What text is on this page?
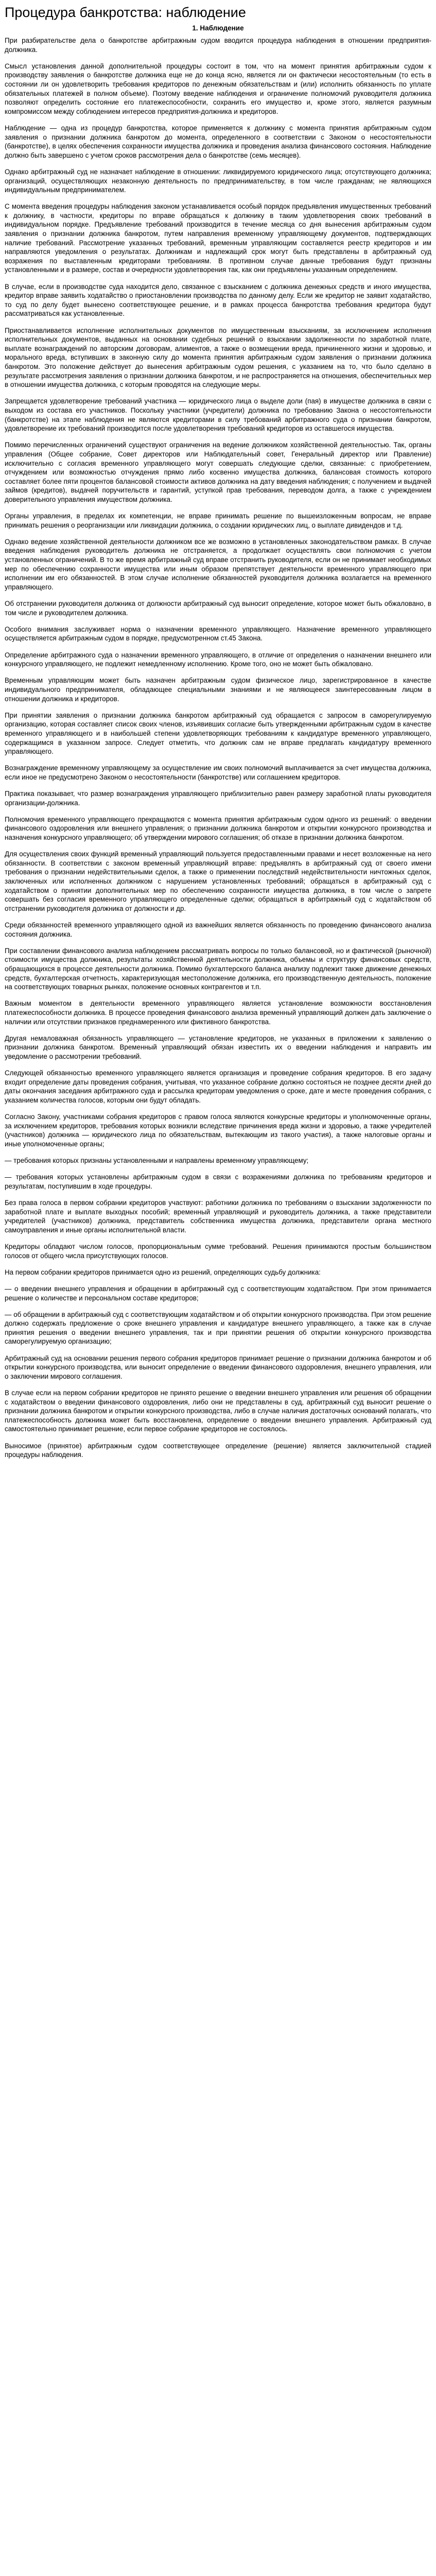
Процедура банкротства: наблюдение
1. Наблюдение

При разбирательстве дела о банкротстве арбитражным судом вводится процедура наблюдения в отношении предприятия-должника.

Смысл установления данной дополнительной процедуры состоит в том, что на момент принятия арбитражным судом к производству заявления о банкротстве должника еще не до конца ясно, является ли он фактически несостоятельным (то есть в состоянии ли он удовлетворить требования кредиторов по денежным обязательствам и (или) исполнить обязанность по уплате обязательных платежей в полном объеме). Поэтому введение наблюдения и ограничение полномочий руководителя должника позволяют определить состояние его платежеспособности, сохранить его имущество и, кроме этого, является разумным компромиссом между соблюдением интересов предприятия-должника и кредиторов.

Наблюдение — одна из процедур банкротства, которое применяется к должнику с момента принятия арбитражным судом заявления о признании должника банкротом до момента, определенного в соответствии с Законом о несостоятельности (банкротстве), в целях обеспечения сохранности имущества должника и проведения анализа финансового состояния. Наблюдение должно быть завершено с учетом сроков рассмотрения дела о банкротстве (семь месяцев).

Однако арбитражный суд не назначает наблюдение в отношении: ликвидируемого юридического лица; отсутствующего должника; организаций, осуществляющих незаконную деятельность по предпринимательству, в том числе гражданам; не являющихся индивидуальным предпринимателем.

С момента введения процедуры наблюдения законом устанавливается особый порядок предъявления имущественных требований к должнику, в частности, кредиторы по вправе обращаться к должнику в таким удовлетворения своих требований в индивидуальном порядке. Предъявление требований производится в течение месяца со дня вынесения арбитражным судом заявления о признании должника банкротом, путем направления временному управляющему документов, подтверждающих наличие требований. Рассмотрение указанных требований, временным управляющим составляется реестр кредиторов и им направляются уведомления о результатах. Должникам и надлежащий срок могут быть представлены в арбитражный суд возражения по выставленным кредиторами требованиям. В противном случае данные требования будут признаны установленными и в размере, состав и очередности удовлетворения так, как они предъявлены указанным определением.

В случае, если в производстве суда находится дело, связанное с взысканием с должника денежных средств и иного имущества, кредитор вправе заявить ходатайство о приостановлении производства по данному делу. Если же кредитор не заявит ходатайство, то суд по делу будет вынесено соответствующее решение, и в рамках процесса банкротства требования кредитора будут рассматриваться как установленные.

Приостанавливается исполнение исполнительных документов по имущественным взысканиям, за исключением исполнения исполнительных документов, выданных на основании судебных решений о взыскании задолженности по заработной плате, выплате вознаграждений по авторским договорам, алиментов, а также о возмещении вреда, причиненного жизни и здоровью, и морального вреда, вступивших в законную силу до момента принятия арбитражным судом заявления о признании должника банкротом. Это положение действует до вынесения арбитражным судом решения, с указанием на то, что было сделано в результате рассмотрения заявления о признании должника банкротом, и не распространяется на отношения, обеспечительных мер в отношении имущества должника, с которым проводятся на следующие меры.

Запрещается удовлетворение требований участника — юридического лица о выделе доли (пая) в имуществе должника в связи с выходом из состава его участников. Поскольку участники (учредители) должника по требованию Закона о несостоятельности (банкротстве) на этапе наблюдения не являются кредиторами в силу требований арбитражного суда о признании банкротом, удовлетворение их требований производится после удовлетворения требований кредиторов из оставшегося имущества.

Помимо перечисленных ограничений существуют ограничения на ведение должником хозяйственной деятельностью. Так, органы управления (Общее собрание, Совет директоров или Наблюдательный совет, Генеральный директор или Правление) исключительно с согласия временного управляющего могут совершать следующие сделки, связанные: с приобретением, отчуждением или возможностью отчуждения прямо либо косвенно имущества должника, балансовая стоимость которого составляет более пяти процентов балансовой стоимости активов должника на дату введения наблюдения; с получением и выдачей займов (кредитов), выдачей поручительств и гарантий, уступкой прав требования, переводом долга, а также с учреждением доверительного управления имуществом должника.

Органы управления, в пределах их компетенции, не вправе принимать решение по вышеизложенным вопросам, не вправе принимать решения о реорганизации или ликвидации должника, о создании юридических лиц, о выплате дивидендов и т.д.

Однако ведение хозяйственной деятельности должником все же возможно в установленных законодательством рамках. В случае введения наблюдения руководитель должника не отстраняется, а продолжает осуществлять свои полномочия с учетом установленных ограничений. В то же время арбитражный суд вправе отстранить руководителя, если он не принимает необходимых мер по обеспечению сохранности имущества или иным образом препятствует деятельности временного управляющего при исполнении им его обязанностей. В этом случае исполнение обязанностей руководителя должника возлагается на временного управляющего.

Об отстранении руководителя должника от должности арбитражный суд выносит определение, которое может быть обжаловано, в том числе и руководителем должника.

Особого внимания заслуживает норма о назначении временного управляющего. Назначение временного управляющего осуществляется арбитражным судом в порядке, предусмотренном ст.45 Закона.

Определение арбитражного суда о назначении временного управляющего, в отличие от определения о назначении внешнего или конкурсного управляющего, не подлежит немедленному исполнению. Кроме того, оно не может быть обжаловано.

Временным управляющим может быть назначен арбитражным судом физическое лицо, зарегистрированное в качестве индивидуального предпринимателя, обладающее специальными знаниями и не являющееся заинтересованным лицом в отношении должника и кредиторов.

При принятии заявления о признании должника банкротом арбитражный суд обращается с запросом в саморегулируемую организацию, которая составляет список своих членов, изъявивших согласие быть утвержденными арбитражным судом в качестве временного управляющего и в наибольшей степени удовлетворяющих требованиям к кандидатуре временного управляющего, содержащимся в указанном запросе. Следует отметить, что должник сам не вправе предлагать кандидатуру временного управляющего.

Вознаграждение временному управляющему за осуществление им своих полномочий выплачивается за счет имущества должника, если иное не предусмотрено Законом о несостоятельности (банкротстве) или соглашением кредиторов.

Практика показывает, что размер вознаграждения управляющего приблизительно равен размеру заработной платы руководителя организации-должника.

Полномочия временного управляющего прекращаются с момента принятия арбитражным судом одного из решений: о введении финансового оздоровления или внешнего управления; о признании должника банкротом и открытии конкурсного производства и назначения конкурсного управляющего; об утверждении мирового соглашения; об отказе в признании должника банкротом.

Для осуществления своих функций временный управляющий пользуется предоставленными правами и несет возложенные на него обязанности. В соответствии с законом временный управляющий вправе: предъявлять в арбитражный суд от своего имени требования о признании недействительными сделок, а также о применении последствий недействительности ничтожных сделок, заключенных или исполненных должником с нарушением установленных требований; обращаться в арбитражный суд с ходатайством о принятии дополнительных мер по обеспечению сохранности имущества должника, в том числе о запрете совершать без согласия временного управляющего определенные сделки; обращаться в арбитражный суд с ходатайством об отстранении руководителя должника от должности и др.

Среди обязанностей временного управляющего одной из важнейших является обязанность по проведению финансового анализа состояния должника.

При составлении финансового анализа наблюдением рассматривать вопросы по только балансовой, но и фактической (рыночной) стоимости имущества должника, результаты хозяйственной деятельности должника, объемы и структуру финансовых средств, обращающихся в процессе деятельности должника. Помимо бухгалтерского баланса анализу подлежит также движение денежных средств, бухгалтерская отчетность, характеризующая местоположение должника, его производственную деятельность, положение на соответствующих товарных рынках, положение основных контрагентов и т.п.

Важным моментом в деятельности временного управляющего является установление возможности восстановления платежеспособности должника. В процессе проведения финансового анализа временный управляющий должен дать заключение о наличии или отсутствии признаков преднамеренного или фиктивного банкротства.

Другая немаловажная обязанность управляющего — установление кредиторов, не указанных в приложении к заявлению о признании должника банкротом. Временный управляющий обязан известить их о введении наблюдения и направить им уведомление о рассмотрении требований.

Следующей обязанностью временного управляющего является организация и проведение собрания кредиторов. В его задачу входит определение даты проведения собрания, учитывая, что указанное собрание должно состояться не позднее десяти дней до даты окончания заседания арбитражного суда и рассылка кредиторам уведомления о сроке, дате и месте проведения собрания, с указанием количества голосов, которым они будут обладать.

Согласно Закону, участниками собрания кредиторов с правом голоса являются конкурсные кредиторы и уполномоченные органы, за исключением кредиторов, требования которых возникли вследствие причинения вреда жизни и здоровью, а также учредителей (участников) должника — юридического лица по обязательствам, вытекающим из такого участия), а также налоговые органы и иные уполномоченные органы;

— требования которых признаны установленными и направлены временному управляющему;

— требования которых установлены арбитражным судом в связи с возражениями должника по требованиям кредиторов и результатам, поступившим в ходе процедуры.

Без права голоса в первом собрании кредиторов участвуют: работники должника по требованиям о взыскании задолженности по заработной плате и выплате выходных пособий; временный управляющий и руководитель должника, а также представители учредителей (участников) должника, представитель собственника имущества должника, представители органа местного самоуправления и иные органы исполнительной власти.

Кредиторы обладают числом голосов, пропорциональным сумме требований. Решения принимаются простым большинством голосов от общего числа присутствующих голосов.

На первом собрании кредиторов принимается одно из решений, определяющих судьбу должника:

— о введении внешнего управления и обращении в арбитражный суд с соответствующим ходатайством. При этом принимается решение о количестве и персональном составе кредиторов;

— об обращении в арбитражный суд с соответствующим ходатайством и об открытии конкурсного производства. При этом решение должно содержать предложение о сроке внешнего управления и кандидатуре внешнего управляющего, а также как в случае принятия решения о введении внешнего управления, так и при принятии решения об открытии конкурсного производства саморегулируемую организацию;

Арбитражный суд на основании решения первого собрания кредиторов принимает решение о признании должника банкротом и об открытии конкурсного производства, или выносит определение о введении финансового оздоровления, внешнего управления, или о заключении мирового соглашения.

В случае если на первом собрании кредиторов не принято решение о введении внешнего управления или решения об обращении с ходатайством о введении финансового оздоровления, либо они не представлены в суд, арбитражный суд выносит решение о признании должника банкротом и открытии конкурсного производства, либо в случае наличия достаточных оснований полагать, что платежеспособность должника может быть восстановлена, определение о введении внешнего управления. Арбитражный суд самостоятельно принимает решение, если первое собрание кредиторов не состоялось.

Выносимое (принятое) арбитражным судом соответствующее определение (решение) является заключительной стадией процедуры наблюдения.
